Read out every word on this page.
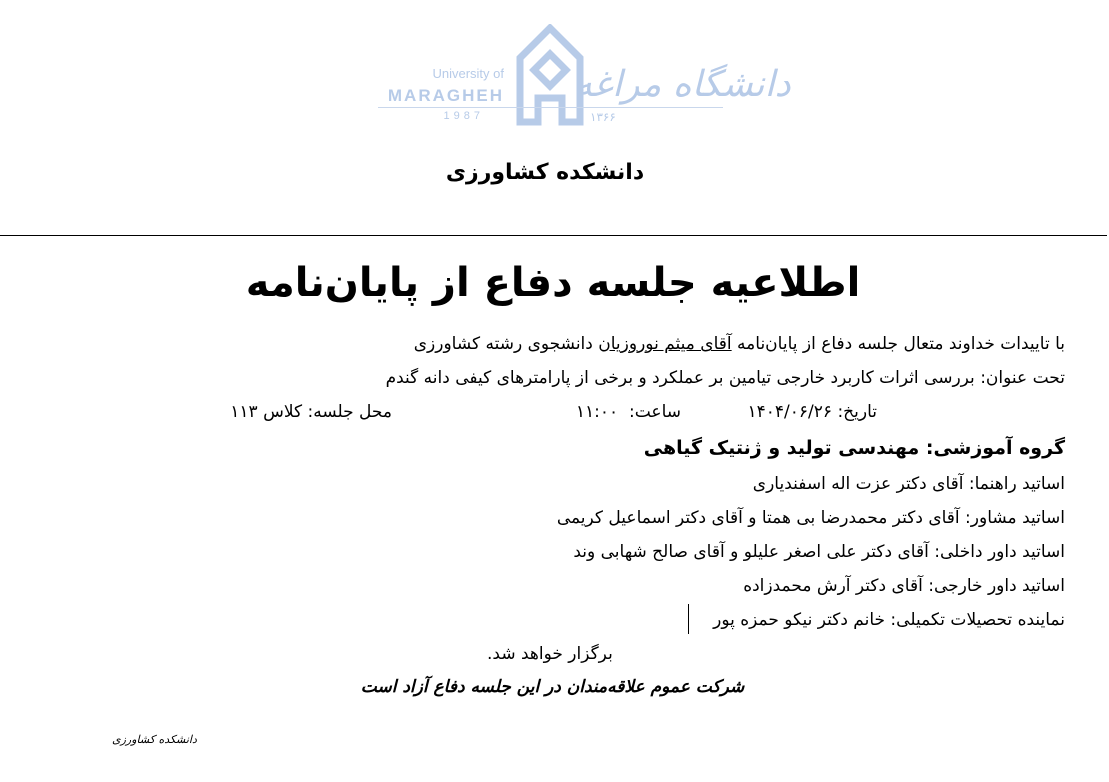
University of
MARAGHEH
1987
دانشگاه مراغه
۱۳۶۶
دانشکده کشاورزی
اطلاعیه جلسه دفاع از پایان‌نامه
با تاییدات خداوند متعال جلسه دفاع از پایان‌نامه آقای میثم نوروزیان دانشجوی رشته کشاورزی
تحت عنوان: بررسی اثرات کاربرد خارجی تیامین بر عملکرد و برخی از پارامترهای کیفی دانه گندم
تاریخ: ۱۴۰۴/۰۶/۲۶
ساعت:  ۱۱:۰۰
محل جلسه: کلاس ۱۱۳
گروه آموزشی: مهندسی تولید و ژنتیک گیاهی
اساتید راهنما: آقای دکتر عزت اله اسفندیاری
اساتید مشاور: آقای دکتر محمدرضا بی همتا و آقای دکتر اسماعیل کریمی
اساتید داور داخلی: آقای دکتر علی اصغر علیلو و آقای صالح شهابی وند
اساتید داور خارجی: آقای دکتر آرش محمدزاده
نماینده تحصیلات تکمیلی: خانم دکتر نیکو حمزه پور
برگزار خواهد شد.
شرکت عموم علاقه‌مندان در این جلسه دفاع آزاد است
دانشکده کشاورزی
